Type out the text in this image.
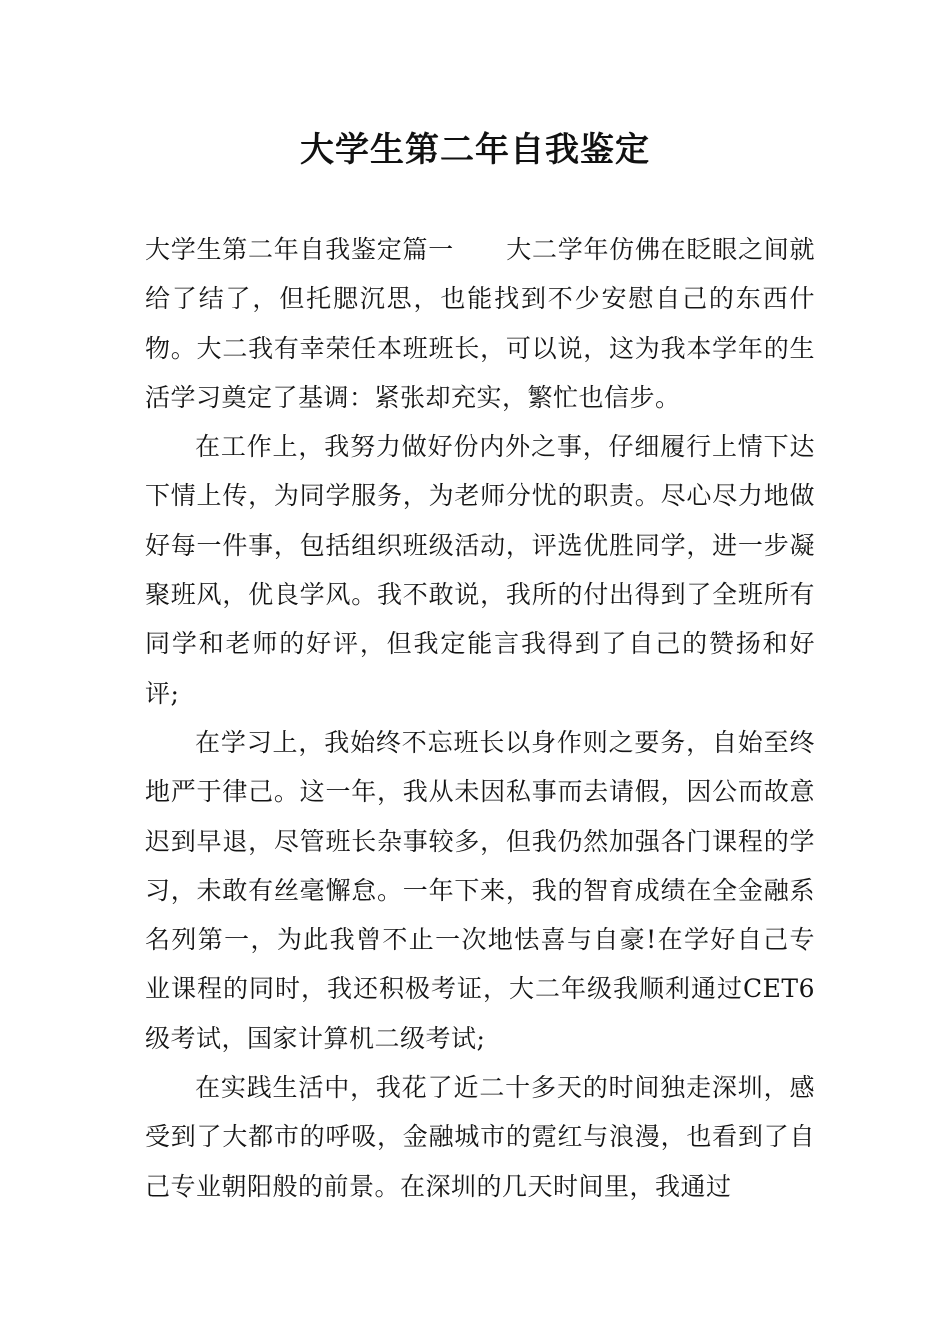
大学生第二年自我鉴定

大学生第二年自我鉴定篇一 大二学年仿佛在眨眼之间就给了结了，但托腮沉思，也能找到不少安慰自己的东西什物。大二我有幸荣任本班班长，可以说，这为我本学年的生活学习奠定了基调：紧张却充实，繁忙也信步。

在工作上，我努力做好份内外之事，仔细履行上情下达下情上传，为同学服务，为老师分忧的职责。尽心尽力地做好每一件事，包括组织班级活动，评选优胜同学，进一步凝聚班风，优良学风。我不敢说，我所的付出得到了全班所有同学和老师的好评，但我定能言我得到了自己的赞扬和好评;

在学习上，我始终不忘班长以身作则之要务，自始至终地严于律己。这一年，我从未因私事而去请假，因公而故意迟到早退，尽管班长杂事较多，但我仍然加强各门课程的学习，未敢有丝毫懈怠。一年下来，我的智育成绩在全金融系名列第一，为此我曾不止一次地怯喜与自豪!在学好自己专业课程的同时，我还积极考证，大二年级我顺利通过CET6级考试，国家计算机二级考试;

在实践生活中，我花了近二十多天的时间独走深圳，感受到了大都市的呼吸，金融城市的霓红与浪漫，也看到了自己专业朝阳般的前景。在深圳的几天时间里，我通过
